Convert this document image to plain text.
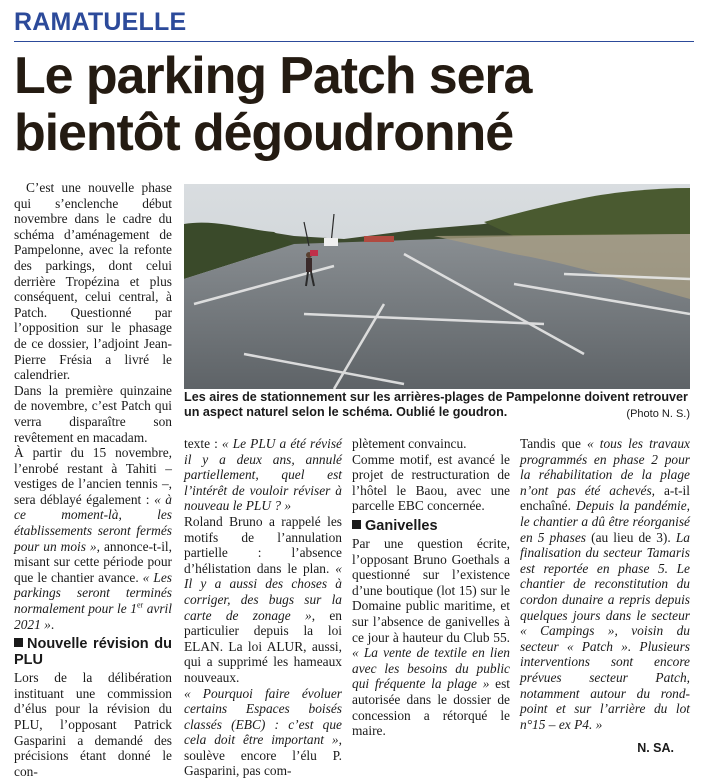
RAMATUELLE
Le parking Patch sera bientôt dégoudronné

C’est une nouvelle phase qui s’enclenche début novembre dans le cadre du schéma d’aménagement de Pampelonne, avec la refonte des parkings, dont celui derrière Tropézina et plus conséquent, celui central, à Patch. Questionné par l’opposition sur le phasage de ce dossier, l’adjoint Jean-Pierre Frésia a livré le calendrier.

Dans la première quinzaine de novembre, c’est Patch qui verra disparaître son revêtement en macadam.

À partir du 15 novembre, l’enrobé restant à Tahiti – vestiges de l’ancien tennis –, sera déblayé également : « à ce moment-là, les établissements seront fermés pour un mois », annonce-t-il, misant sur cette période pour que le chantier avance. « Les parkings seront terminés normalement pour le 1er avril 2021 ».

Nouvelle révision du PLU

Lors de la délibération instituant une commission d’élus pour la révision du PLU, l’opposant Patrick Gasparini a demandé des précisions étant donné le con-

Les aires de stationnement sur les arrières-plages de Pampelonne doivent retrouver un aspect naturel selon le schéma. Oublié le goudron.	(Photo N. S.)

texte : « Le PLU a été révisé il y a deux ans, annulé partiellement, quel est l’intérêt de vouloir réviser à nouveau le PLU ? »

Roland Bruno a rappelé les motifs de l’annulation partielle : l’absence d’hélistation dans le plan. « Il y a aussi des choses à corriger, des bugs sur la carte de zonage », en particulier depuis la loi ELAN. La loi ALUR, aussi, qui a supprimé les hameaux nouveaux.

« Pourquoi faire évoluer certains Espaces boisés classés (EBC) : c’est que cela doit être important », soulève encore l’élu P. Gasparini, pas com-

plètement convaincu.

Comme motif, est avancé le projet de restructuration de l’hôtel le Baou, avec une parcelle EBC concernée.

Ganivelles

Par une question écrite, l’opposant Bruno Goethals a questionné sur l’existence d’une boutique (lot 15) sur le Domaine public maritime, et sur l’absence de ganivelles à ce jour à hauteur du Club 55. « La vente de textile en lien avec les besoins du public qui fréquente la plage » est autorisée dans le dossier de concession a rétorqué le maire.

Tandis que « tous les travaux programmés en phase 2 pour la réhabilitation de la plage n’ont pas été achevés, a-t-il enchaîné. Depuis la pandémie, le chantier a dû être réorganisé en 5 phases (au lieu de 3). La finalisation du secteur Tamaris est reportée en phase 5. Le chantier de reconstitution du cordon dunaire a repris depuis quelques jours dans le secteur « Campings », voisin du secteur « Patch ». Plusieurs interventions sont encore prévues secteur Patch, notamment autour du rond-point et sur l’arrière du lot n°15 – ex P4. »

N. SA.
